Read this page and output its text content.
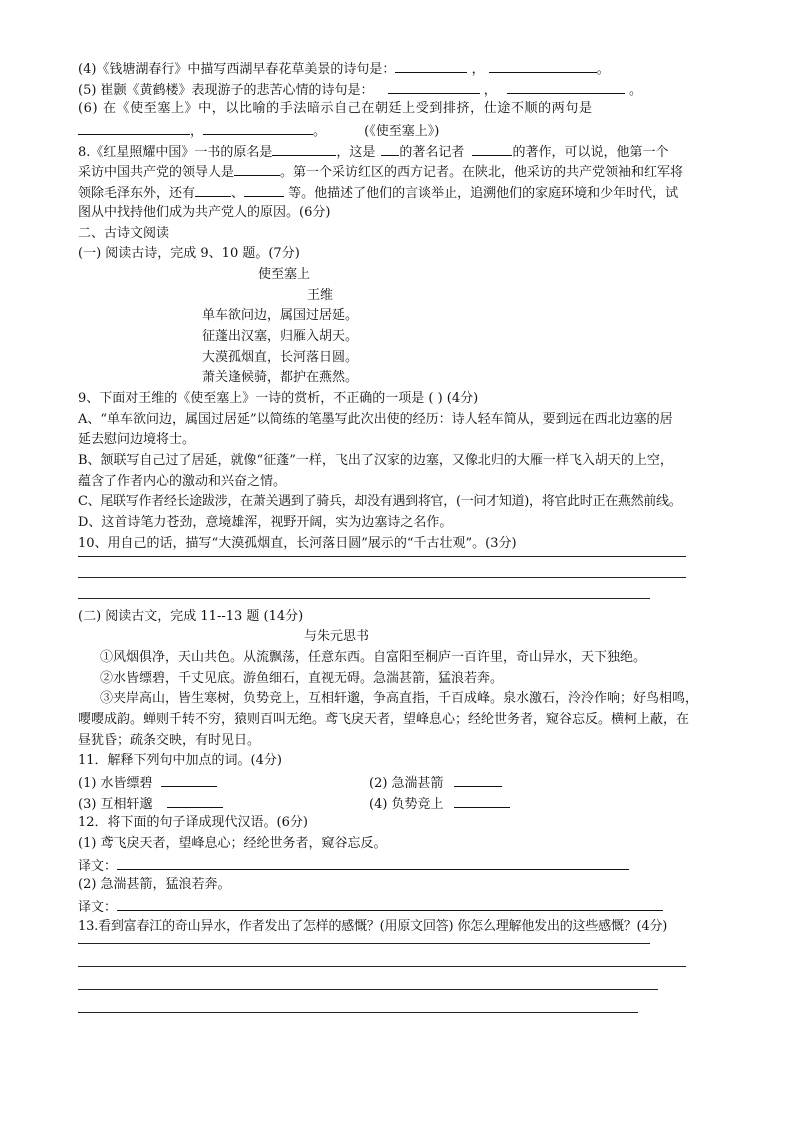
(4)《钱塘湖春行》中描写西湖早春花草美景的诗句是：	，	。
(5) 崔颢《黄鹤楼》表现游子的悲苦心情的诗句是：	，	。
(6) 在《使至塞上》中，以比喻的手法暗示自己在朝廷上受到排挤，仕途不顺的两句是
，	。	(《使至塞上》)
8.《红星照耀中国》一书的原名是	，这是 的著名记者	的著作，可以说，他第一个
采访中国共产党的领导人是	。第一个采访红区的西方记者。在陕北，他采访的共产党领袖和红军将
领除毛泽东外，还有	、	等。他描述了他们的言谈举止，追溯他们的家庭环境和少年时代，试
图从中找持他们成为共产党人的原因。(6分)
二、古诗文阅读
(一) 阅读古诗，完成 9、10 题。(7分)
使至塞上
王维
单车欲问边，属国过居延。
征蓬出汉塞，归雁入胡天。
大漠孤烟直，长河落日圆。
萧关逢候骑，都护在燕然。
9、下面对王维的《使至塞上》一诗的赏析，不正确的一项是 ( ) (4分)
A、“单车欲问边，属国过居延”以简练的笔墨写此次出使的经历：诗人轻车简从，要到远在西北边塞的居
延去慰问边境将士。
B、颔联写自己过了居延，就像“征蓬”一样，飞出了汉家的边塞，又像北归的大雁一样飞入胡天的上空，
蕴含了作者内心的激动和兴奋之情。
C、尾联写作者经长途跋涉，在萧关遇到了骑兵，却没有遇到将官，(一问才知道)，将官此时正在燕然前线。
D、这首诗笔力苍劲，意境雄浑，视野开阔，实为边塞诗之名作。
10、用自己的话，描写“大漠孤烟直，长河落日圆”展示的“千古壮观”。(3分)
(二) 阅读古文，完成 11--13 题 (14分)
与朱元思书
①风烟俱净，天山共色。从流飘荡，任意东西。自富阳至桐庐一百许里，奇山异水，天下独绝。
②水皆缥碧，千丈见底。游鱼细石，直视无碍。急湍甚箭，猛浪若奔。
③夹岸高山，皆生寒树，负势竞上，互相轩邈，争高直指，千百成峰。泉水激石，泠泠作响；好鸟相鸣，
嘤嘤成韵。蝉则千转不穷，猿则百叫无绝。鸢飞戾天者，望峰息心；经纶世务者，窥谷忘反。横柯上蔽，在
昼犹昏；疏条交映，有时见日。
11．解释下列句中加点的词。(4分)
(1) 水皆缥碧	(2) 急湍甚箭
(3) 互相轩邈	(4) 负势竞上
12．将下面的句子译成现代汉语。(6分)
(1) 鸢飞戾天者，望峰息心；经纶世务者，窥谷忘反。
译文：
(2) 急湍甚箭，猛浪若奔。
译文：
13.看到富春江的奇山异水，作者发出了怎样的感慨？(用原文回答) 你怎么理解他发出的这些感慨？(4分)
